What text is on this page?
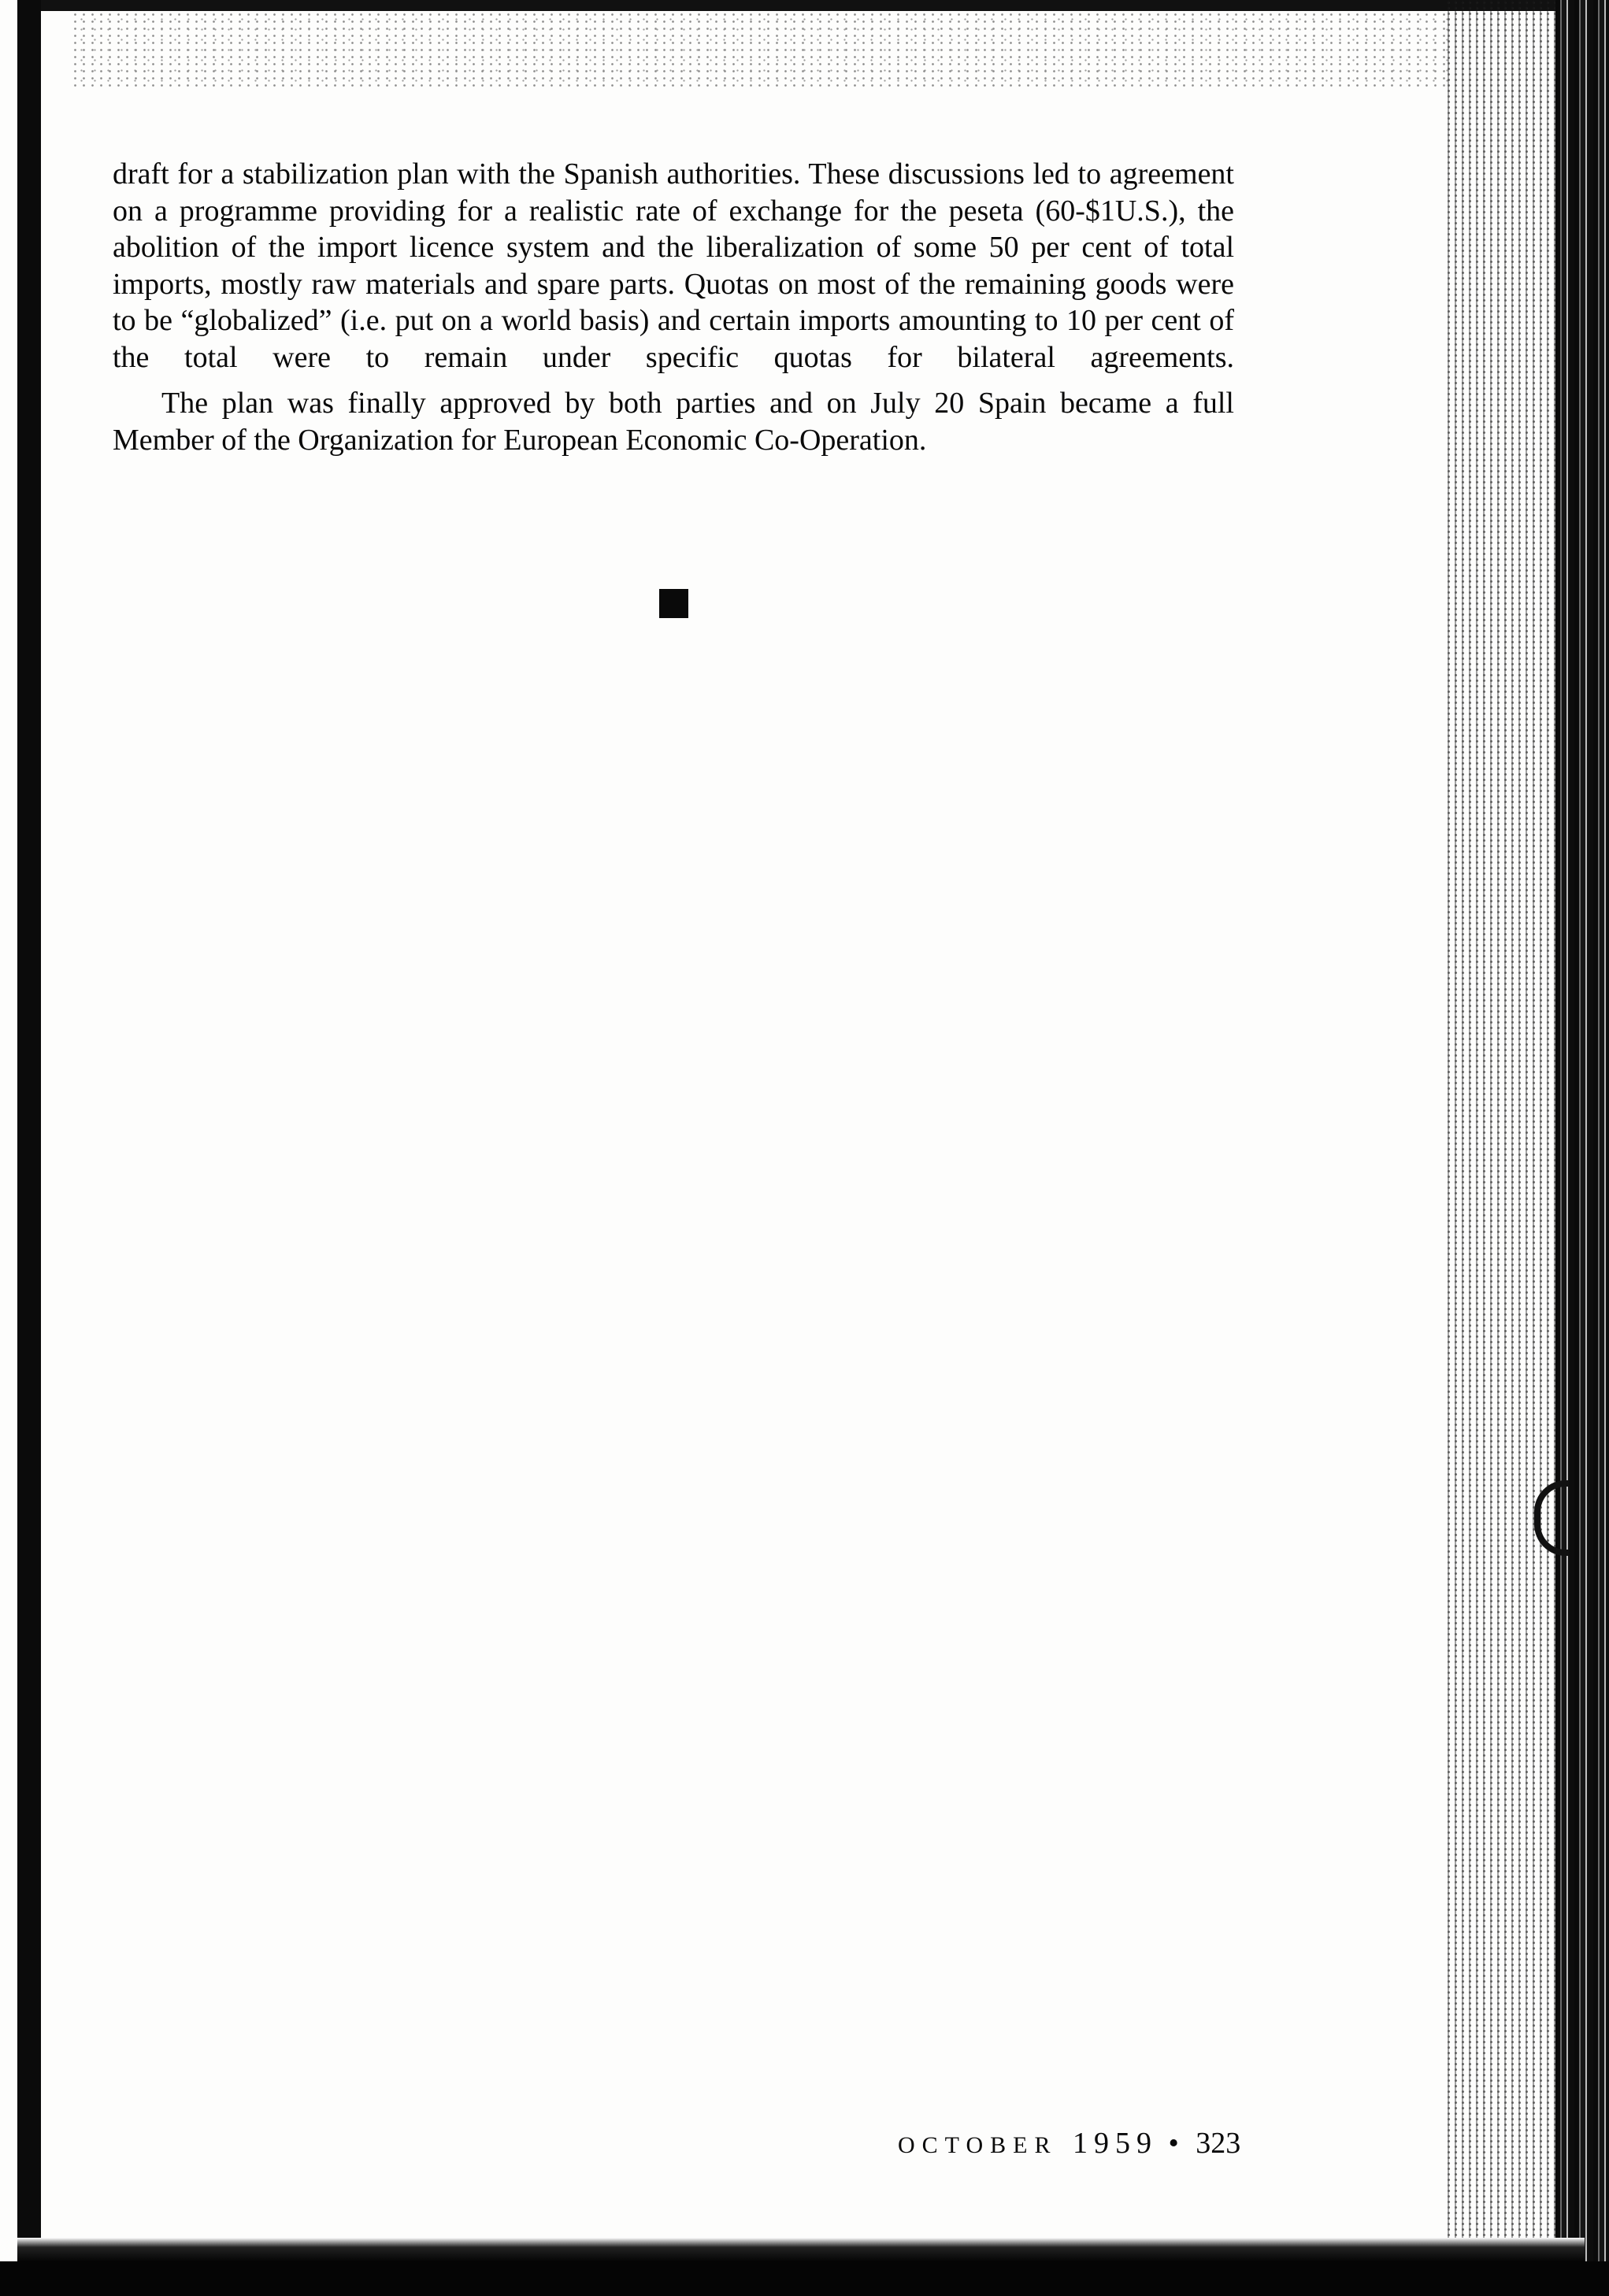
draft for a stabilization plan with the Spanish authorities. These discussions led to agreement on a programme providing for a realistic rate of exchange for the peseta (60-$1U.S.), the abolition of the import licence system and the liberalization of some 50 per cent of total imports, mostly raw materials and spare parts. Quotas on most of the remaining goods were to be “globalized” (i.e. put on a world basis) and certain imports amounting to 10 per cent of the total were to remain under specific quotas for bilateral agreements.

The plan was finally approved by both parties and on July 20 Spain became a full Member of the Organization for European Economic Co-Operation.

OCTOBER 1959 • 323
